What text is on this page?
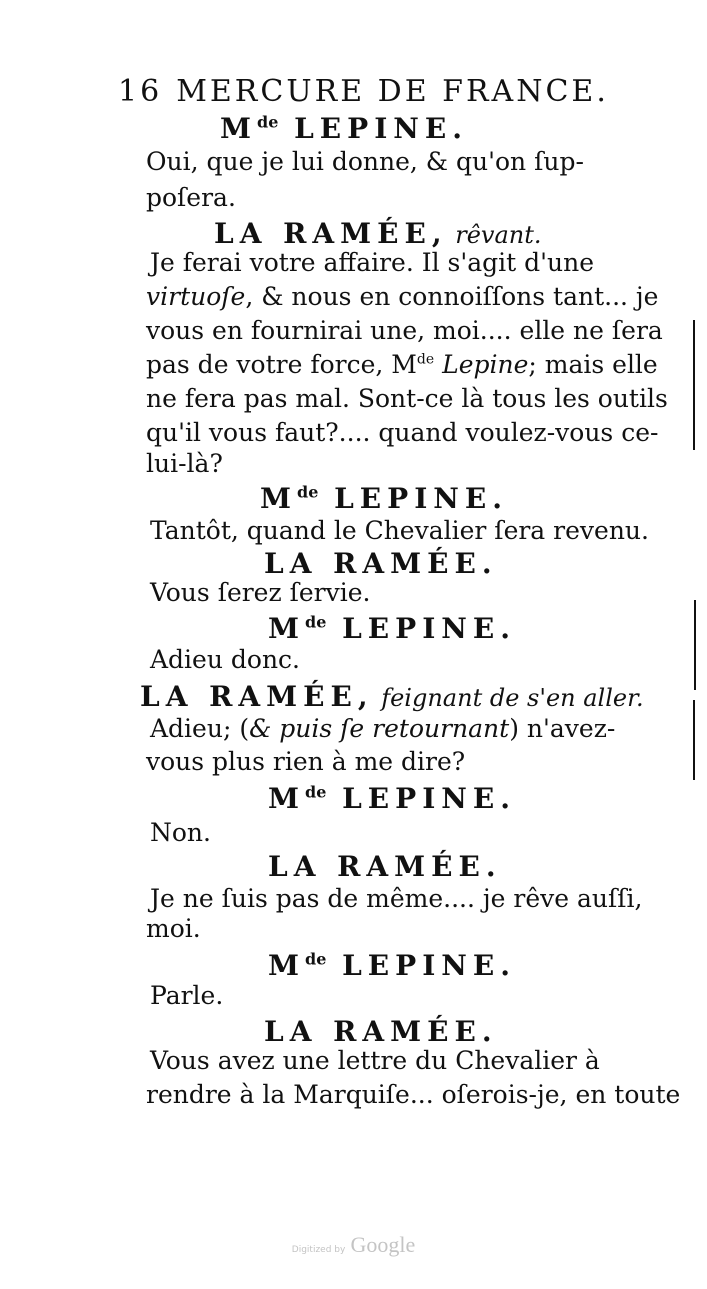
16 MERCURE DE FRANCE.
Mde LEPINE.
Oui, que je lui donne, & qu'on ſup-
poſera.
LA RAMÉE, rêvant.
Je ferai votre affaire. Il s'agit d'une
virtuoſe, & nous en connoiſſons tant... je
vous en fournirai une, moi.... elle ne ſera
pas de votre force, Mde Lepine; mais elle
ne fera pas mal. Sont-ce là tous les outils
qu'il vous faut?.... quand voulez-vous ce-
lui-là?
Mde LEPINE.
Tantôt, quand le Chevalier ſera revenu.
LA RAMÉE.
Vous ſerez ſervie.
Mde LEPINE.
Adieu donc.
LA RAMÉE, feignant de s'en aller.
Adieu; (& puis ſe retournant) n'avez-
vous plus rien à me dire?
Mde LEPINE.
Non.
LA RAMÉE.
Je ne ſuis pas de même.... je rêve auſſi,
moi.
Mde LEPINE.
Parle.
LA RAMÉE.
Vous avez une lettre du Chevalier à
rendre à la Marquiſe... oſerois-je, en toute
Digitized by Google
